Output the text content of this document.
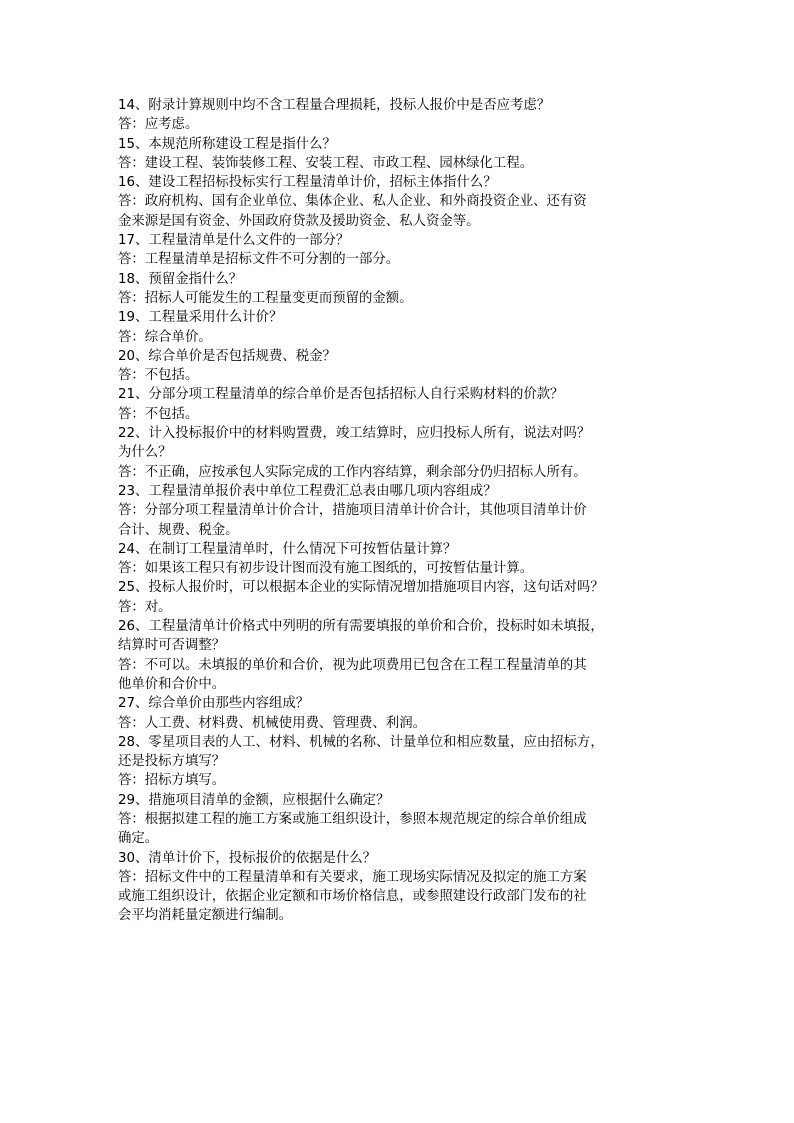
14、附录计算规则中均不含工程量合理损耗，投标人报价中是否应考虑？
答：应考虑。
15、本规范所称建设工程是指什么？
答：建设工程、装饰装修工程、安装工程、市政工程、园林绿化工程。
16、建设工程招标投标实行工程量清单计价，招标主体指什么？
答：政府机构、国有企业单位、集体企业、私人企业、和外商投资企业、还有资
金来源是国有资金、外国政府贷款及援助资金、私人资金等。
17、工程量清单是什么文件的一部分？
答：工程量清单是招标文件不可分割的一部分。
18、预留金指什么？
答：招标人可能发生的工程量变更而预留的金额。
19、工程量采用什么计价？
答：综合单价。
20、综合单价是否包括规费、税金？
答：不包括。
21、分部分项工程量清单的综合单价是否包括招标人自行采购材料的价款？
答：不包括。
22、计入投标报价中的材料购置费，竣工结算时，应归投标人所有，说法对吗？
为什么？
答：不正确，应按承包人实际完成的工作内容结算，剩余部分仍归招标人所有。
23、工程量清单报价表中单位工程费汇总表由哪几项内容组成？
答：分部分项工程量清单计价合计，措施项目清单计价合计，其他项目清单计价
合计、规费、税金。
24、在制订工程量清单时，什么情况下可按暂估量计算？
答：如果该工程只有初步设计图而没有施工图纸的，可按暂估量计算。
25、投标人报价时，可以根据本企业的实际情况增加措施项目内容，这句话对吗？
答：对。
26、工程量清单计价格式中列明的所有需要填报的单价和合价，投标时如未填报，
结算时可否调整？
答：不可以。未填报的单价和合价，视为此项费用已包含在工程工程量清单的其
他单价和合价中。
27、综合单价由那些内容组成？
答：人工费、材料费、机械使用费、管理费、利润。
28、零星项目表的人工、材料、机械的名称、计量单位和相应数量，应由招标方，
还是投标方填写？
答：招标方填写。
29、措施项目清单的金额，应根据什么确定？
答：根据拟建工程的施工方案或施工组织设计，参照本规范规定的综合单价组成
确定。
30、清单计价下，投标报价的依据是什么？
答：招标文件中的工程量清单和有关要求，施工现场实际情况及拟定的施工方案
或施工组织设计，依据企业定额和市场价格信息，或参照建设行政部门发布的社
会平均消耗量定额进行编制。
